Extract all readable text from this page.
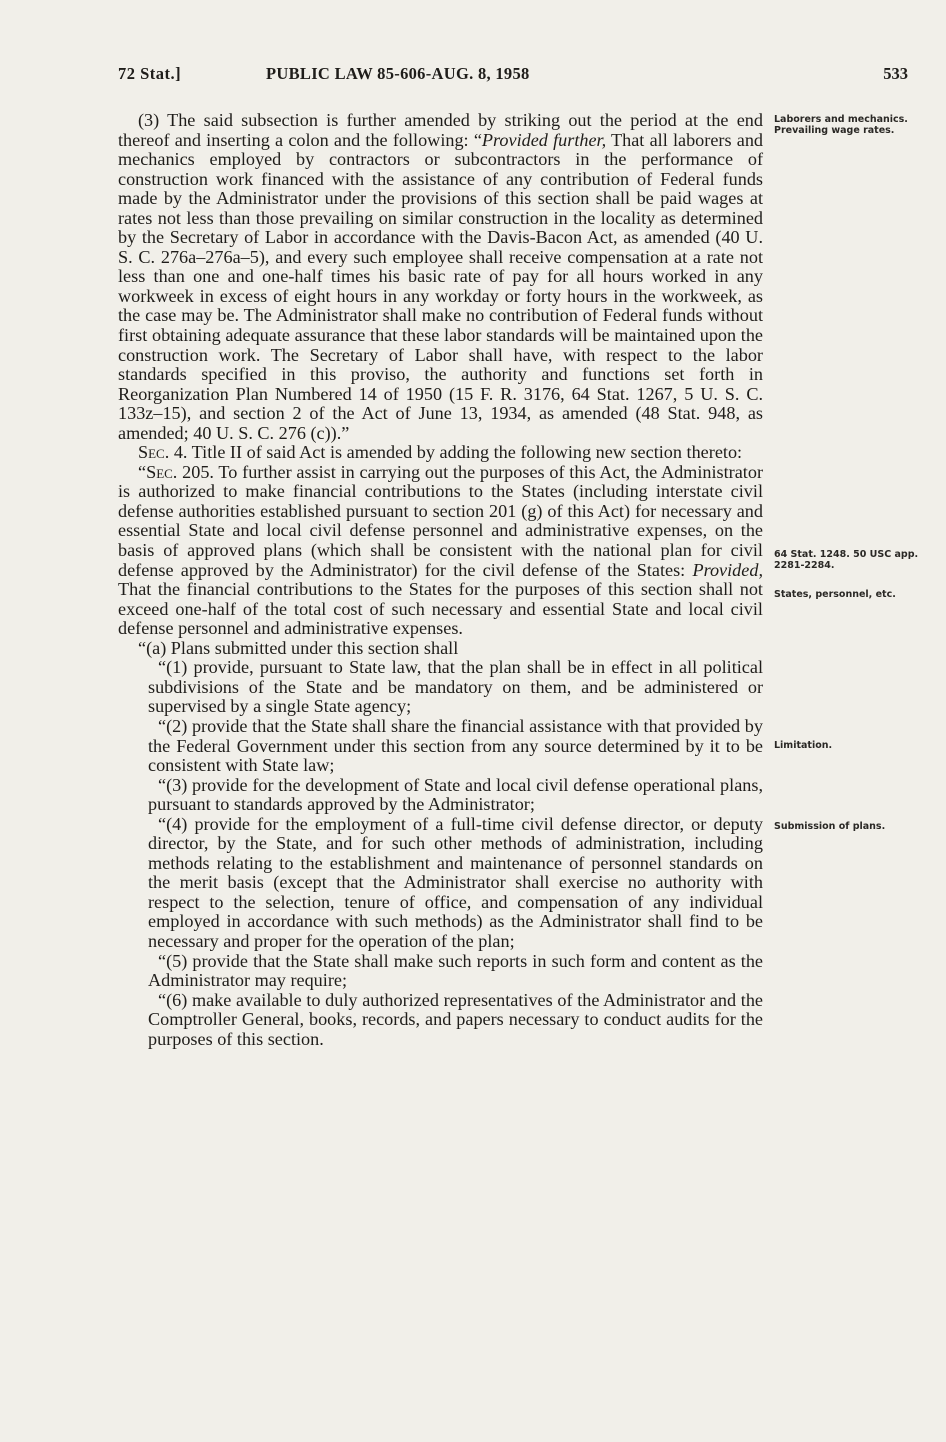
72 Stat.]	PUBLIC LAW 85-606-AUG. 8, 1958	533

(3) The said subsection is further amended by striking out the period at the end thereof and inserting a colon and the following: “Provided further, That all laborers and mechanics employed by contractors or subcontractors in the performance of construction work financed with the assistance of any contribution of Federal funds made by the Administrator under the provisions of this section shall be paid wages at rates not less than those prevailing on similar construction in the locality as determined by the Secretary of Labor in accordance with the Davis-Bacon Act, as amended (40 U. S. C. 276a–276a–5), and every such employee shall receive compensation at a rate not less than one and one-half times his basic rate of pay for all hours worked in any workweek in excess of eight hours in any workday or forty hours in the workweek, as the case may be. The Administrator shall make no contribution of Federal funds without first obtaining adequate assurance that these labor standards will be maintained upon the construction work. The Secretary of Labor shall have, with respect to the labor standards specified in this proviso, the authority and functions set forth in Reorganization Plan Numbered 14 of 1950 (15 F. R. 3176, 64 Stat. 1267, 5 U. S. C. 133z–15), and section 2 of the Act of June 13, 1934, as amended (48 Stat. 948, as amended; 40 U. S. C. 276 (c)).”

Sec. 4. Title II of said Act is amended by adding the following new section thereto:

“Sec. 205. To further assist in carrying out the purposes of this Act, the Administrator is authorized to make financial contributions to the States (including interstate civil defense authorities established pursuant to section 201 (g) of this Act) for necessary and essential State and local civil defense personnel and administrative expenses, on the basis of approved plans (which shall be consistent with the national plan for civil defense approved by the Administrator) for the civil defense of the States: Provided, That the financial contributions to the States for the purposes of this section shall not exceed one-half of the total cost of such necessary and essential State and local civil defense personnel and administrative expenses.

“(a) Plans submitted under this section shall

“(1) provide, pursuant to State law, that the plan shall be in effect in all political subdivisions of the State and be mandatory on them, and be administered or supervised by a single State agency;

“(2) provide that the State shall share the financial assistance with that provided by the Federal Government under this section from any source determined by it to be consistent with State law;

“(3) provide for the development of State and local civil defense operational plans, pursuant to standards approved by the Administrator;

“(4) provide for the employment of a full-time civil defense director, or deputy director, by the State, and for such other methods of administration, including methods relating to the establishment and maintenance of personnel standards on the merit basis (except that the Administrator shall exercise no authority with respect to the selection, tenure of office, and compensation of any individual employed in accordance with such methods) as the Administrator shall find to be necessary and proper for the operation of the plan;

“(5) provide that the State shall make such reports in such form and content as the Administrator may require;

“(6) make available to duly authorized representatives of the Administrator and the Comptroller General, books, records, and papers necessary to conduct audits for the purposes of this section.

Laborers and mechanics. Prevailing wage rates.
64 Stat. 1248. 50 USC app. 2281-2284.
States, personnel, etc.
Limitation.
Submission of plans.
